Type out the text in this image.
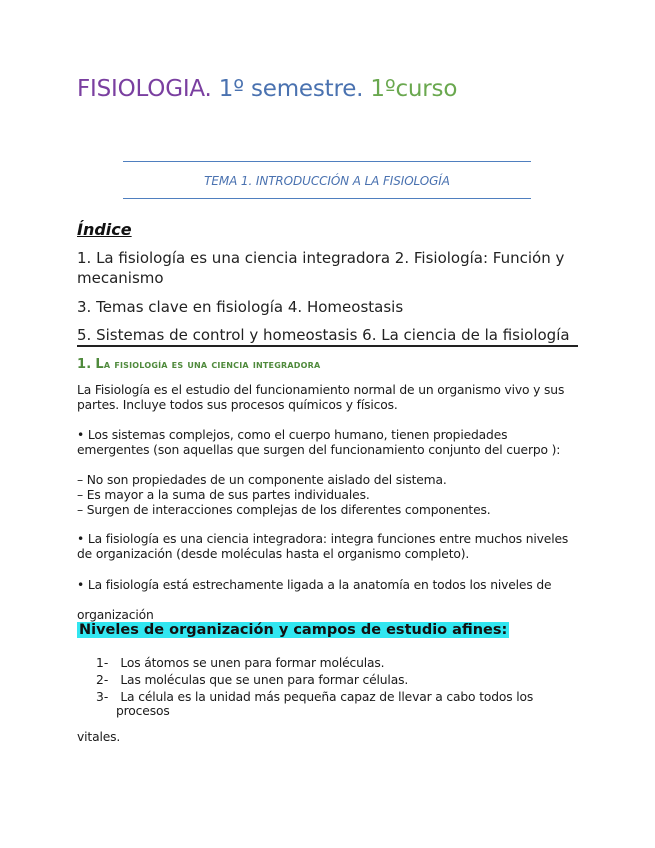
FISIOLOGIA. 1º semestre. 1ºcurso
TEMA 1. INTRODUCCIÓN A LA FISIOLOGÍA
Índice
1. La fisiología es una ciencia integradora 2. Fisiología: Función y mecanismo
3. Temas clave en fisiología 4. Homeostasis
5. Sistemas de control y homeostasis 6. La ciencia de la fisiología
1. La fisiología es una ciencia integradora
La Fisiología es el estudio del funcionamiento normal de un organismo vivo y sus partes. Incluye todos sus procesos químicos y físicos.
• Los sistemas complejos, como el cuerpo humano, tienen propiedades emergentes (son aquellas que surgen del funcionamiento conjunto del cuerpo ):
– No son propiedades de un componente aislado del sistema.
– Es mayor a la suma de sus partes individuales.
– Surgen de interacciones complejas de los diferentes componentes.
• La fisiología es una ciencia integradora: integra funciones entre muchos niveles de organización (desde moléculas hasta el organismo completo).
• La fisiología está estrechamente ligada a la anatomía en todos los niveles de
organización
Niveles de organización y campos de estudio afines:
1- Los átomos se unen para formar moléculas.
2- Las moléculas que se unen para formar células.
3- La célula es la unidad más pequeña capaz de llevar a cabo todos los
procesos
vitales.
